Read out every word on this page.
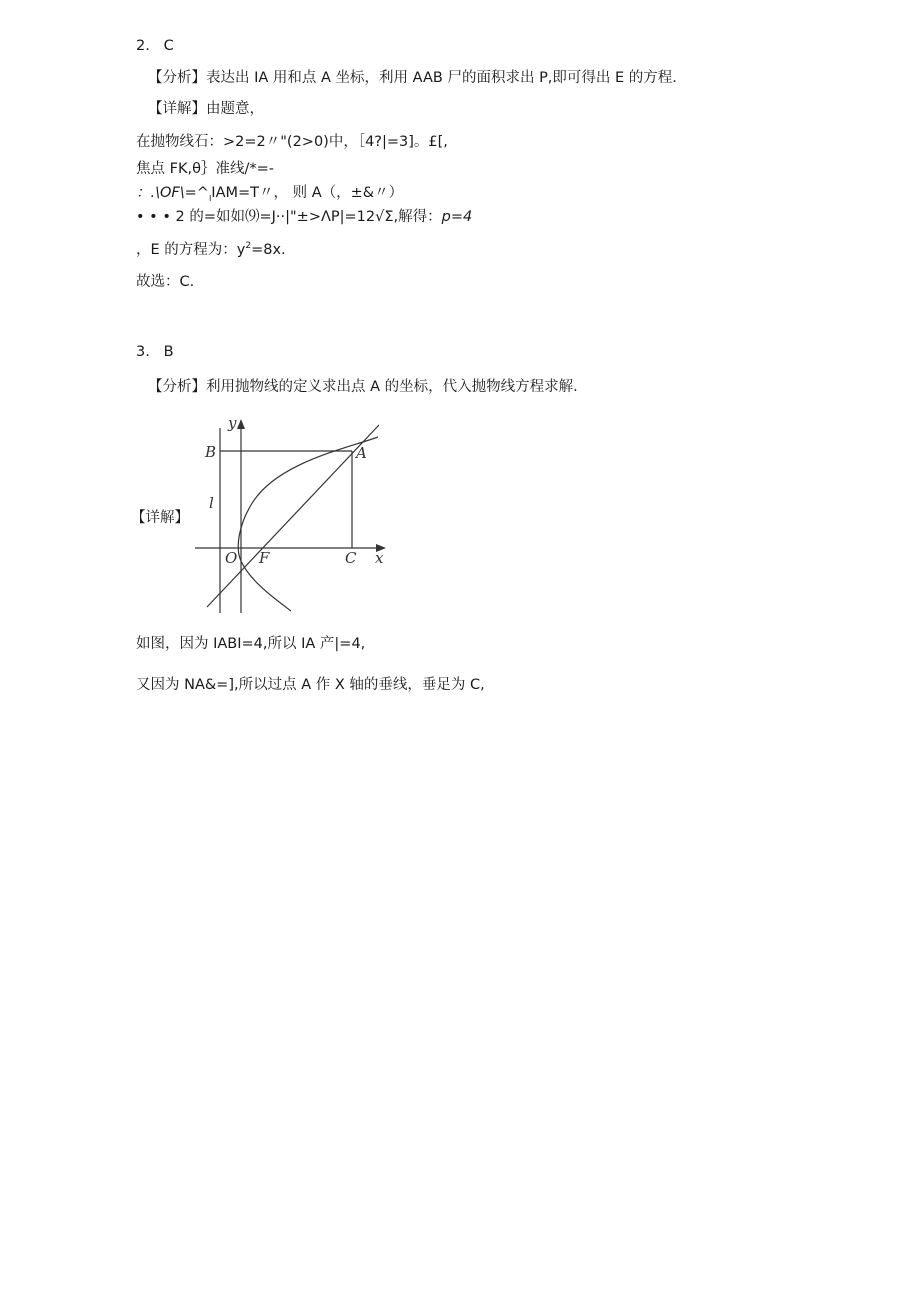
2. C
【分析】表达出 IA 用和点 A 坐标，利用 AAB 尸的面积求出 P,即可得出 E 的方程.
【详解】由题意，
在抛物线石：>2=2〃"(2>0)中，［4?|=3]。£[,
焦点 FK,θ｝准线/*=-
：$.\backslash OF\backslash=\^{}_IIAM=T$〃， 则 A（，±&〃）
• • • 2 的=如如⑼=J··|"±>ΛP|=12√Σ,解得：p=4
，E 的方程为：$y^2=8x$.
故选：C.
3. B
【分析】利用抛物线的定义求出点 A 的坐标，代入抛物线方程求解.
【详解】
y
B	A
l
O F	C x
如图，因为 IABI=4,所以 IA 产|=4,
又因为 NA&=],所以过点 A 作 X 轴的垂线，垂足为 C,
